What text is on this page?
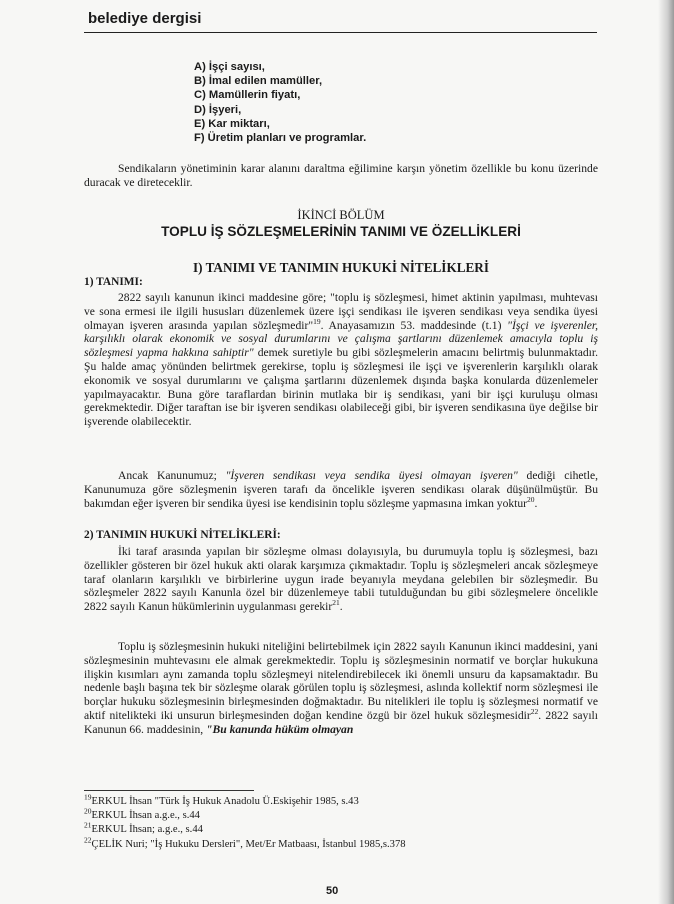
belediye dergisi
A) İşçi sayısı,
B) İmal edilen mamüller,
C) Mamüllerin fiyatı,
D) İşyeri,
E) Kar miktarı,
F) Üretim planları ve programlar.

Sendikaların yönetiminin karar alanını daraltma eğilimine karşın yönetim özellikle bu konu üzerinde duracak ve direteceklir.

İKİNCİ BÖLÜM

TOPLU İŞ SÖZLEŞMELERİNİN TANIMI VE ÖZELLİKLERİ

I) TANIMI VE TANIMIN HUKUKİ NİTELİKLERİ

1) TANIMI:

2822 sayılı kanunun ikinci maddesine göre; "toplu iş sözleşmesi, himet aktinin yapılması, muhtevası ve sona ermesi ile ilgili hususları düzenlemek üzere işçi sendikası ile işveren sendikası veya sendika üyesi olmayan işveren arasında yapılan sözleşmedir"$^{19}$. Anayasamızın 53. maddesinde (t.1) "İşçi ve işverenler, karşılıklı olarak ekonomik ve sosyal durumlarını ve çalışma şartlarını düzenlemek amacıyla toplu iş sözleşmesi yapma hakkına sahiptir" demek suretiyle bu gibi sözleşmelerin amacını belirtmiş bulunmaktadır. Şu halde amaç yönünden belirtmek gerekirse, toplu iş sözleşmesi ile işçi ve işverenlerin karşılıklı olarak ekonomik ve sosyal durumlarını ve çalışma şartlarını düzenlemek dışında başka konularda düzenlemeler yapılmayacaktır. Buna göre taraflardan birinin mutlaka bir iş sendikası, yani bir işçi kuruluşu olması gerekmektedir. Diğer taraftan ise bir işveren sendikası olabileceği gibi, bir işveren sendikasına üye değilse bir işverende olabilecektir.

Ancak Kanunumuz; "İşveren sendikası veya sendika üyesi olmayan işveren" dediği cihetle, Kanunumuza göre sözleşmenin işveren tarafı da öncelikle işveren sendikası olarak düşünülmüştür. Bu bakımdan eğer işveren bir sendika üyesi ise kendisinin toplu sözleşme yapmasına imkan yoktur$^{20}$.

2) TANIMIN HUKUKİ NİTELİKLERİ:

İki taraf arasında yapılan bir sözleşme olması dolayısıyla, bu durumuyla toplu iş sözleşmesi, bazı özellikler gösteren bir özel hukuk akti olarak karşımıza çıkmaktadır. Toplu iş sözleşmeleri ancak sözleşmeye taraf olanların karşılıklı ve birbirlerine uygun irade beyanıyla meydana gelebilen bir sözleşmedir. Bu sözleşmeler 2822 sayılı Kanunla özel bir düzenlemeye tabii tutulduğundan bu gibi sözleşmelere öncelikle 2822 sayılı Kanun hükümlerinin uygulanması gerekir$^{21}$.

Toplu iş sözleşmesinin hukuki niteliğini belirtebilmek için 2822 sayılı Kanunun ikinci maddesini, yani sözleşmesinin muhtevasını ele almak gerekmektedir. Toplu iş sözleşmesinin normatif ve borçlar hukukuna ilişkin kısımları aynı zamanda toplu sözleşmeyi nitelendirebilecek iki önemli unsuru da kapsamaktadır. Bu nedenle başlı başına tek bir sözleşme olarak görülen toplu iş sözleşmesi, aslında kollektif norm sözleşmesi ile borçlar hukuku sözleşmesinin birleşmesinden doğmaktadır. Bu nitelikleri ile toplu iş sözleşmesi normatif ve aktif nitelikteki iki unsurun birleşmesinden doğan kendine özgü bir özel hukuk sözleşmesidir$^{22}$. 2822 sayılı Kanunun 66. maddesinin, "Bu kanunda hüküm olmayan

$^{19}$ERKUL İhsan "Türk İş Hukuk Anadolu Ü.Eskişehir 1985, s.43

$^{20}$ERKUL İhsan a.g.e., s.44

$^{21}$ERKUL İhsan; a.g.e., s.44

$^{22}$ÇELİK Nuri; "İş Hukuku Dersleri", Met/Er Matbaası, İstanbul 1985,s.378

50
